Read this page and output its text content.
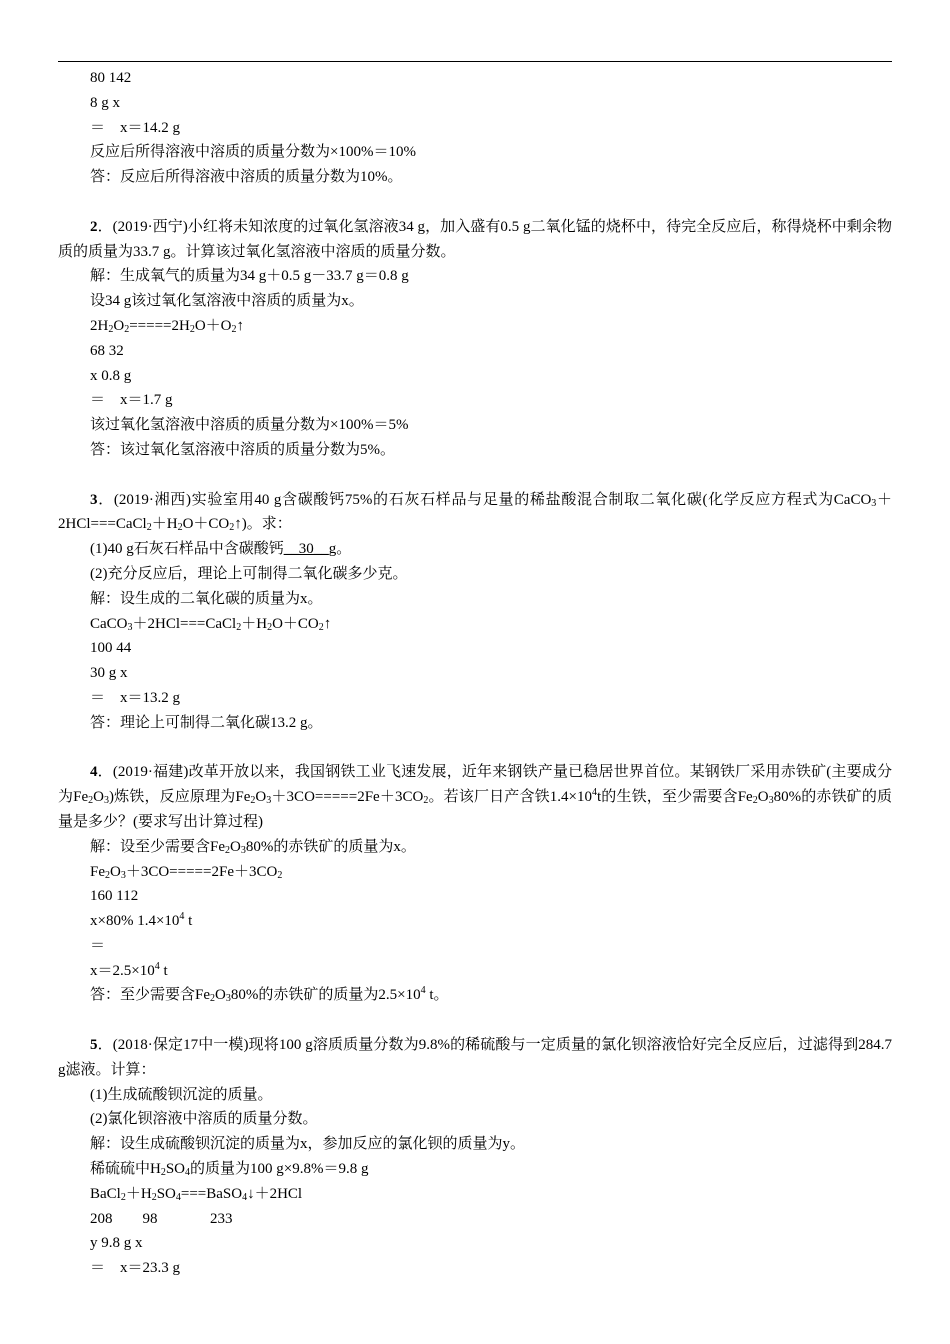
80 142
8 g x
＝　x＝14.2 g
反应后所得溶液中溶质的质量分数为×100%＝10%
答：反应后所得溶液中溶质的质量分数为10%。
2．(2019·西宁)小红将未知浓度的过氧化氢溶液34 g，加入盛有0.5 g二氧化锰的烧杯中，待完全反应后，称得烧杯中剩余物质的质量为33.7 g。计算该过氧化氢溶液中溶质的质量分数。
解：生成氧气的质量为34 g＋0.5 g－33.7 g＝0.8 g
设34 g该过氧化氢溶液中溶质的质量为x。
$2H_2O_2=====2H_2O+O_2↑$
68 32
x 0.8 g
＝　x＝1.7 g
该过氧化氢溶液中溶质的质量分数为×100%＝5%
答：该过氧化氢溶液中溶质的质量分数为5%。
3．(2019·湘西)实验室用40 g含碳酸钙75%的石灰石样品与足量的稀盐酸混合制取二氧化碳(化学反应方程式为$CaCO_3+2HCl===CaCl_2+H_2O+CO_2↑$)。求：
(1)40 g石灰石样品中含碳酸钙__30__g。
(2)充分反应后，理论上可制得二氧化碳多少克。
解：设生成的二氧化碳的质量为x。
$CaCO_3+2HCl===CaCl_2+H_2O+CO_2↑$
100 44
30 g x
＝　x＝13.2 g
答：理论上可制得二氧化碳13.2 g。
4．(2019·福建)改革开放以来，我国钢铁工业飞速发展，近年来钢铁产量已稳居世界首位。某钢铁厂采用赤铁矿(主要成分为$Fe_2O_3$)炼铁，反应原理为$Fe_2O_3+3CO=====2Fe+3CO_2$。若该厂日产含铁$1.4\times 10^4t$的生铁，至少需要含$Fe_2O_380\%$的赤铁矿的质量是多少？(要求写出计算过程)
解：设至少需要含$Fe_2O_380\%$的赤铁矿的质量为x。
$Fe_2O_3+3CO=====2Fe+3CO_2$
160 112
x×80% $1.4\times 10^4$ t
＝
$x=2.5\times 10^4$ t
答：至少需要含$Fe_2O_380\%$的赤铁矿的质量为$2.5\times 10^4$ t。
5．(2018·保定17中一模)现将100 g溶质质量分数为9.8%的稀硫酸与一定质量的氯化钡溶液恰好完全反应后，过滤得到284.7 g滤液。计算：
(1)生成硫酸钡沉淀的质量。
(2)氯化钡溶液中溶质的质量分数。
解：设生成硫酸钡沉淀的质量为x，参加反应的氯化钡的质量为y。
稀硫硫中$H_2SO_4$的质量为100 g×9.8%＝9.8 g
$BaCl_2+H_2SO_4===BaSO_4↓+2HCl$
208        98              233
y 9.8 g x
＝　x＝23.3 g
